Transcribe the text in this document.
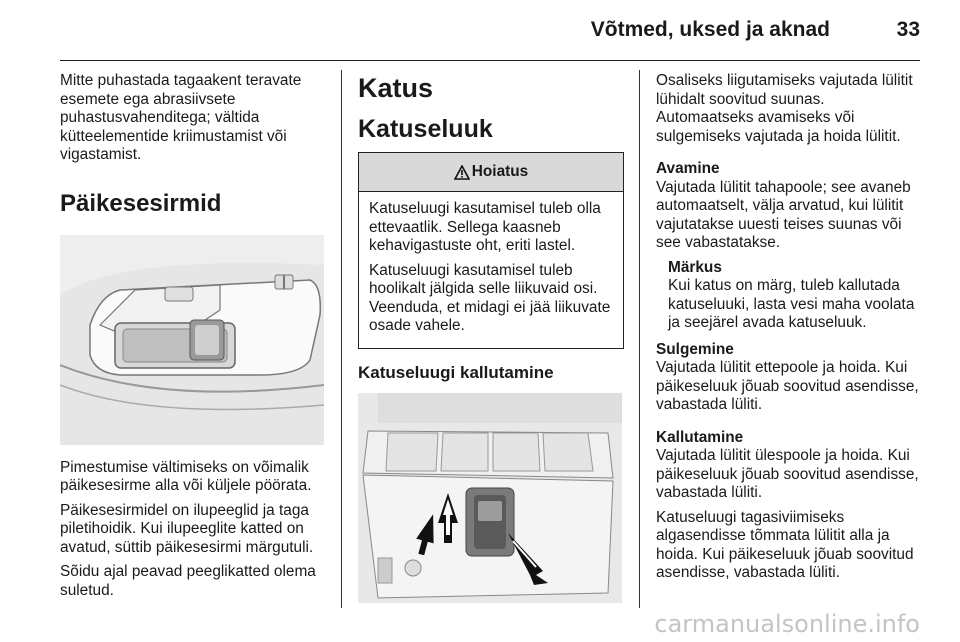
Võtmed, uksed ja aknad	33

Mitte puhastada tagaakent teravate esemete ega abrasiivsete puhastusvahenditega; vältida kütteelementide kriimustamist või vigastamist.

Päikesesirmid

Pimestumise vältimiseks on võimalik päikesesirme alla või küljele pöörata.

Päikesesirmidel on ilupeeglid ja taga piletihoidik. Kui ilupeeglite katted on avatud, süttib päikesesirmi märgutuli.

Sõidu ajal peavad peeglikatted olema suletud.

Katus
Katuseluuk
Hoiatus

Katuseluugi kasutamisel tuleb olla ettevaatlik. Sellega kaasneb kehavigastuste oht, eriti lastel.

Katuseluugi kasutamisel tuleb hoolikalt jälgida selle liikuvaid osi. Veenduda, et midagi ei jää liikuvate osade vahele.

Katuseluugi kallutamine

Osaliseks liigutamiseks vajutada lülitit lühidalt soovitud suunas. Automaatseks avamiseks või sulgemiseks vajutada ja hoida lülitit.

Avamine

Vajutada lülitit tahapoole; see avaneb automaatselt, välja arvatud, kui lülitit vajutatakse uuesti teises suunas või see vabastatakse.

Märkus

Kui katus on märg, tuleb kallutada katuseluuki, lasta vesi maha voolata ja seejärel avada katuseluuk.

Sulgemine

Vajutada lülitit ettepoole ja hoida. Kui päikeseluuk jõuab soovitud asendisse, vabastada lüliti.

Kallutamine

Vajutada lülitit ülespoole ja hoida. Kui päikeseluuk jõuab soovitud asendisse, vabastada lüliti.

Katuseluugi tagasiviimiseks algasendisse tõmmata lülitit alla ja hoida. Kui päikeseluuk jõuab soovitud asendisse, vabastada lüliti.

carmanualsonline.info
